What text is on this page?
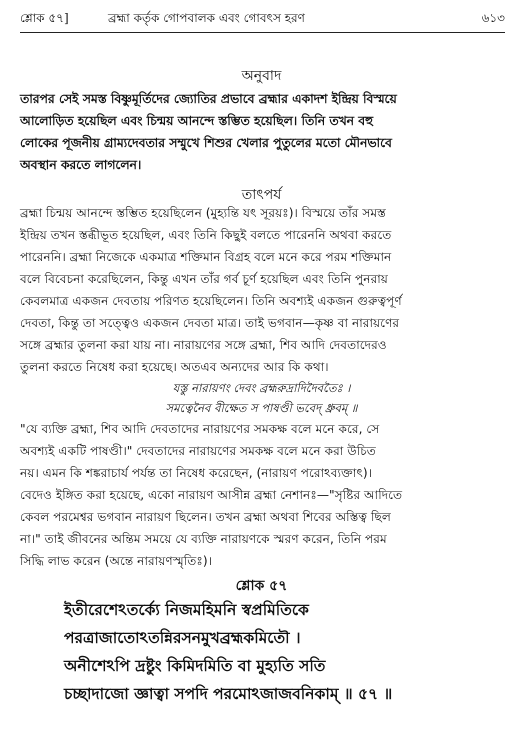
শ্লোক ৫৭]	ব্রহ্মা কর্তৃক গোপবালক এবং গোবৎস হরণ	৬১৩
অনুবাদ
তারপর সেই সমস্ত বিষ্ণুমূর্তিদের জ্যোতির প্রভাবে ব্রহ্মার একাদশ ইন্দ্রিয় বিস্ময়ে
আলোড়িত হয়েছিল এবং চিন্ময় আনন্দে স্তম্ভিত হয়েছিল। তিনি তখন বহু
লোকের পূজনীয় গ্রাম্যদেবতার সম্মুখে শিশুর খেলার পুতুলের মতো মৌনভাবে
অবস্থান করতে লাগলেন।
তাৎপর্য
ব্রহ্মা চিন্ময় আনন্দে স্তম্ভিত হয়েছিলেন (মুহ্যন্তি যৎ সূরয়ঃ)। বিস্ময়ে তাঁর সমস্ত
ইন্দ্রিয় তখন স্তব্ধীভূত হয়েছিল, এবং তিনি কিছুই বলতে পারেননি অথবা করতে
পারেননি। ব্রহ্মা নিজেকে একমাত্র শক্তিমান বিগ্রহ বলে মনে করে পরম শক্তিমান
বলে বিবেচনা করেছিলেন, কিন্তু এখন তাঁর গর্ব চূর্ণ হয়েছিল এবং তিনি পুনরায়
কেবলমাত্র একজন দেবতায় পরিণত হয়েছিলেন। তিনি অবশ্যই একজন গুরুত্বপূর্ণ
দেবতা, কিন্তু তা সত্ত্বেও একজন দেবতা মাত্র। তাই ভগবান—কৃষ্ণ বা নারায়ণের
সঙ্গে ব্রহ্মার তুলনা করা যায় না। নারায়ণের সঙ্গে ব্রহ্মা, শিব আদি দেবতাদেরও
তুলনা করতে নিষেধ করা হয়েছে। অতএব অন্যদের আর কি কথা।
যস্তু নারায়ণং দেবং ব্রহ্মরুদ্রাদিদৈবতৈঃ ।
সমত্বেনৈব বীক্ষেত স পাষণ্ডী ভবেদ্ ধ্রুবম্ ॥
"যে ব্যক্তি ব্রহ্মা, শিব আদি দেবতাদের নারায়ণের সমকক্ষ বলে মনে করে, সে
অবশ্যই একটি পাষণ্ডী।" দেবতাদের নারায়ণের সমকক্ষ বলে মনে করা উচিত
নয়। এমন কি শঙ্করাচার্য পর্যন্ত তা নিষেধ করেছেন, (নারায়ণ পরোঽব্যক্তাৎ)।
বেদেও ইঙ্গিত করা হয়েছে, একো নারায়ণ আসীন্ন ব্রহ্মা নেশানঃ—"সৃষ্টির আদিতে
কেবল পরমেশ্বর ভগবান নারায়ণ ছিলেন। তখন ব্রহ্মা অথবা শিবের অস্তিত্ব ছিল
না।" তাই জীবনের অন্তিম সময়ে যে ব্যক্তি নারায়ণকে স্মরণ করেন, তিনি পরম
সিদ্ধি লাভ করেন (অন্তে নারায়ণস্মৃতিঃ)।
শ্লোক ৫৭
ইতীরেশেঽতর্ক্যে নিজমহিমনি স্বপ্রমিতিকে
পরত্রাজাতোঽতন্নিরসনমুখব্রহ্মকমিতৌ ।
অনীশেঽপি দ্রষ্টুং কিমিদমিতি বা মুহ্যতি সতি
চচ্ছাদাজো জ্ঞাত্বা সপদি পরমোঽজাজবনিকাম্ ॥ ৫৭ ॥
